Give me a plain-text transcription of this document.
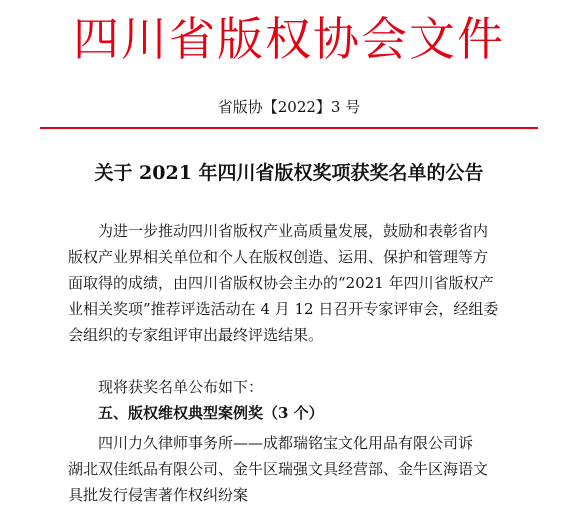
四川省版权协会文件
省版协【2022】3 号
关于 2021 年四川省版权奖项获奖名单的公告
为进一步推动四川省版权产业高质量发展，鼓励和表彰省内
版权产业界相关单位和个人在版权创造、运用、保护和管理等方
面取得的成绩，由四川省版权协会主办的“2021 年四川省版权产
业相关奖项”推荐评选活动在 4 月 12 日召开专家评审会，经组委
会组织的专家组评审出最终评选结果。
现将获奖名单公布如下：
五、版权维权典型案例奖（3 个）
四川力久律师事务所——成都瑞铭宝文化用品有限公司诉
湖北双佳纸品有限公司、金牛区瑞强文具经营部、金牛区海语文
具批发行侵害著作权纠纷案
